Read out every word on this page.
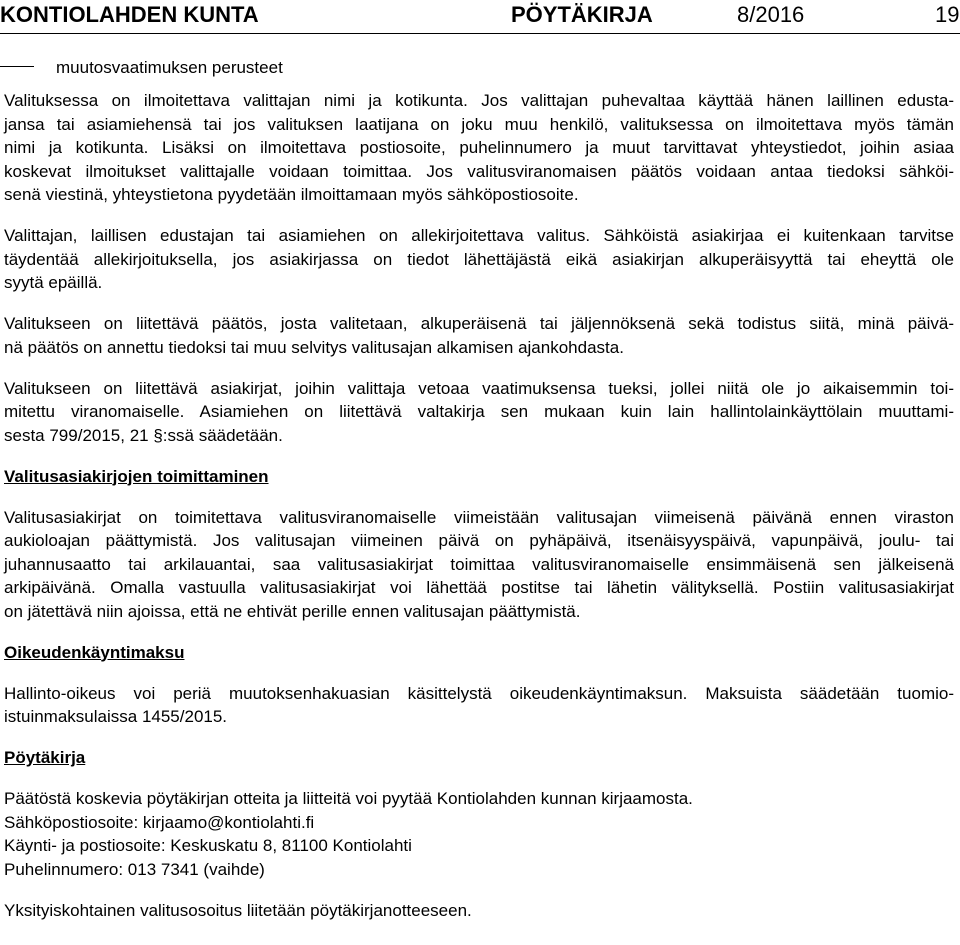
KONTIOLAHDEN KUNTA	PÖYTÄKIRJA	8/2016	19
muutosvaatimuksen perusteet

Valituksessa on ilmoitettava valittajan nimi ja kotikunta. Jos valittajan puhevaltaa käyttää hänen laillinen edusta-
jansa tai asiamiehensä tai jos valituksen laatijana on joku muu henkilö, valituksessa on ilmoitettava myös tämän
nimi ja kotikunta. Lisäksi on ilmoitettava postiosoite, puhelinnumero ja muut tarvittavat yhteystiedot, joihin asiaa
koskevat ilmoitukset valittajalle voidaan toimittaa. Jos valitusviranomaisen päätös voidaan antaa tiedoksi sähköi-
senä viestinä, yhteystietona pyydetään ilmoittamaan myös sähköpostiosoite.

Valittajan, laillisen edustajan tai asiamiehen on allekirjoitettava valitus. Sähköistä asiakirjaa ei kuitenkaan tarvitse
täydentää allekirjoituksella, jos asiakirjassa on tiedot lähettäjästä eikä asiakirjan alkuperäisyyttä tai eheyttä ole
syytä epäillä.

Valitukseen on liitettävä päätös, josta valitetaan, alkuperäisenä tai jäljennöksenä sekä todistus siitä, minä päivä-
nä päätös on annettu tiedoksi tai muu selvitys valitusajan alkamisen ajankohdasta.

Valitukseen on liitettävä asiakirjat, joihin valittaja vetoaa vaatimuksensa tueksi, jollei niitä ole jo aikaisemmin toi-
mitettu viranomaiselle. Asiamiehen on liitettävä valtakirja sen mukaan kuin lain hallintolainkäyttölain muuttami-
sesta 799/2015, 21 §:ssä säädetään.

Valitusasiakirjojen toimittaminen

Valitusasiakirjat on toimitettava valitusviranomaiselle viimeistään valitusajan viimeisenä päivänä ennen viraston
aukioloajan päättymistä. Jos valitusajan viimeinen päivä on pyhäpäivä, itsenäisyyspäivä, vapunpäivä, joulu- tai
juhannusaatto tai arkilauantai, saa valitusasiakirjat toimittaa valitusviranomaiselle ensimmäisenä sen jälkeisenä
arkipäivänä. Omalla vastuulla valitusasiakirjat voi lähettää postitse tai lähetin välityksellä. Postiin valitusasiakirjat
on jätettävä niin ajoissa, että ne ehtivät perille ennen valitusajan päättymistä.

Oikeudenkäyntimaksu

Hallinto-oikeus voi periä muutoksenhakuasian käsittelystä oikeudenkäyntimaksun. Maksuista säädetään tuomio-
istuinmaksulaissa 1455/2015.

Pöytäkirja

Päätöstä koskevia pöytäkirjan otteita ja liitteitä voi pyytää Kontiolahden kunnan kirjaamosta.
Sähköpostiosoite: kirjaamo@kontiolahti.fi
Käynti- ja postiosoite: Keskuskatu 8, 81100 Kontiolahti
Puhelinnumero: 013 7341 (vaihde)

Yksityiskohtainen valitusosoitus liitetään pöytäkirjanotteeseen.
